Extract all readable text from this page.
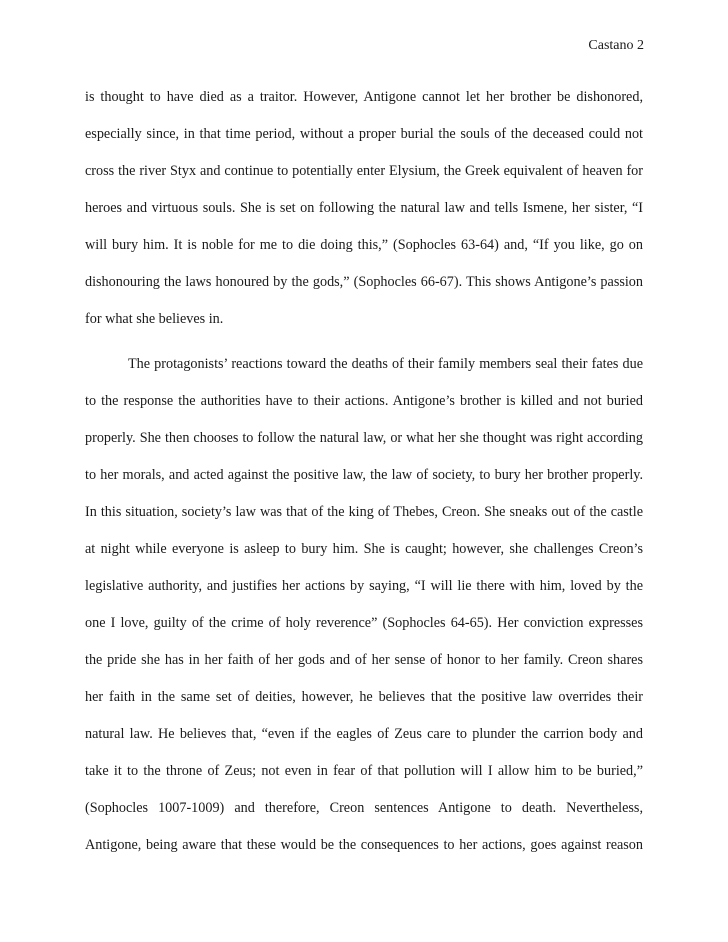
Castano 2
is thought to have died as a traitor. However, Antigone cannot let her brother be dishonored,
especially since, in that time period, without a proper burial the souls of the deceased could not
cross the river Styx and continue to potentially enter Elysium, the Greek equivalent of heaven for
heroes and virtuous souls. She is set on following the natural law and tells Ismene, her sister, “I
will bury him. It is noble for me to die doing this,” (Sophocles 63-64) and, “If you like, go on
dishonouring the laws honoured by the gods,” (Sophocles 66-67). This shows Antigone’s passion
for what she believes in.
The protagonists’ reactions toward the deaths of their family members seal their fates due
to the response the authorities have to their actions. Antigone’s brother is killed and not buried
properly. She then chooses to follow the natural law, or what her she thought was right according
to her morals, and acted against the positive law, the law of society, to bury her brother properly.
In this situation, society’s law was that of the king of Thebes, Creon. She sneaks out of the castle
at night while everyone is asleep to bury him. She is caught; however, she challenges Creon’s
legislative authority, and justifies her actions by saying, “I will lie there with him, loved by the
one I love, guilty of the crime of holy reverence” (Sophocles 64-65). Her conviction expresses
the pride she has in her faith of her gods and of her sense of honor to her family. Creon shares
her faith in the same set of deities, however, he believes that the positive law overrides their
natural law. He believes that, “even if the eagles of Zeus care to plunder the carrion body and
take it to the throne of Zeus; not even in fear of that pollution will I allow him to be buried,”
(Sophocles 1007-1009) and therefore, Creon sentences Antigone to death. Nevertheless,
Antigone, being aware that these would be the consequences to her actions, goes against reason
